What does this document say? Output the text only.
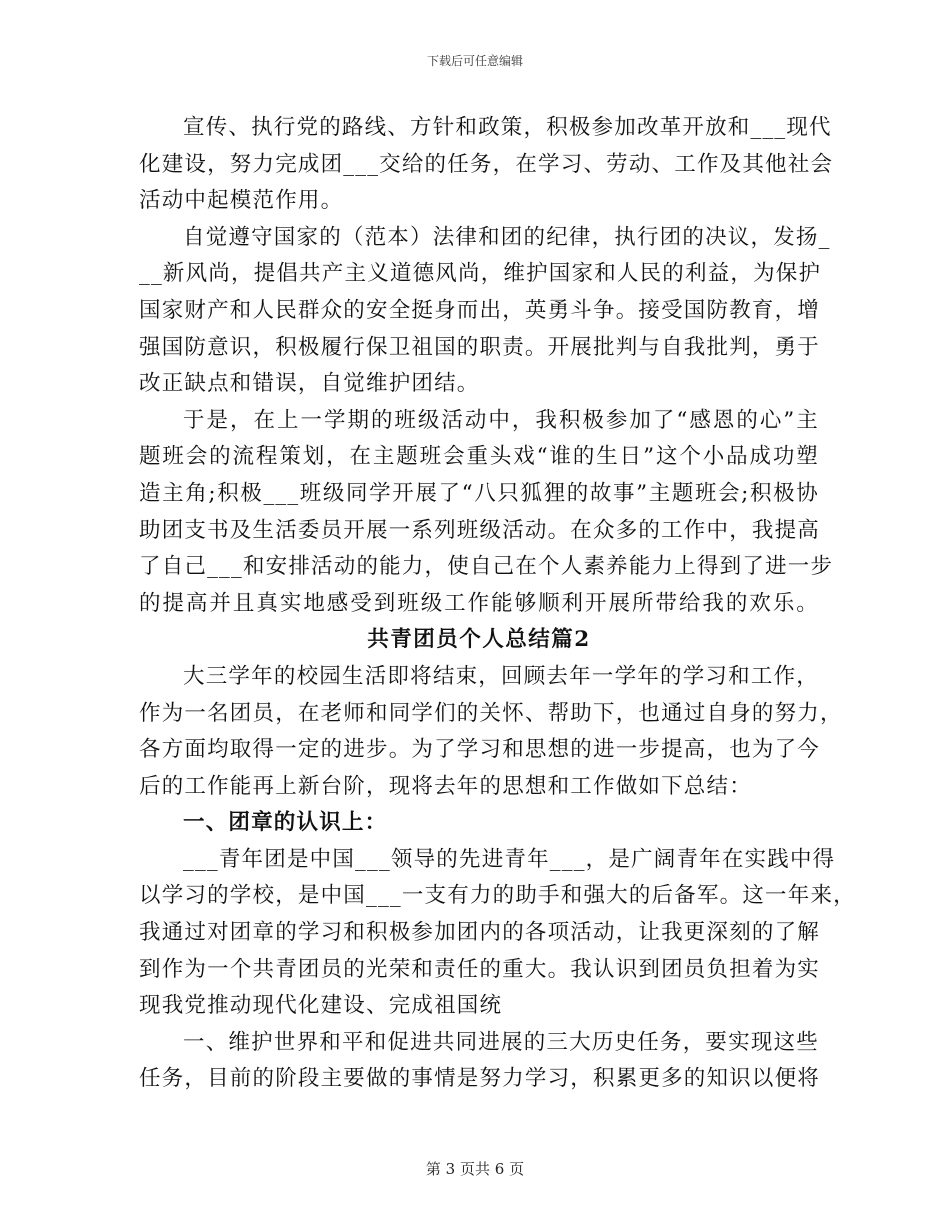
下载后可任意编辑
宣传、执行党的路线、方针和政策，积极参加改革开放和___现代
化建设，努力完成团___交给的任务，在学习、劳动、工作及其他社会
活动中起模范作用。
自觉遵守国家的（范本）法律和团的纪律，执行团的决议，发扬_
__新风尚，提倡共产主义道德风尚，维护国家和人民的利益，为保护
国家财产和人民群众的安全挺身而出，英勇斗争。接受国防教育，增
强国防意识，积极履行保卫祖国的职责。开展批判与自我批判，勇于
改正缺点和错误，自觉维护团结。
于是，在上一学期的班级活动中，我积极参加了“感恩的心”主
题班会的流程策划，在主题班会重头戏“谁的生日”这个小品成功塑
造主角;积极___班级同学开展了“八只狐狸的故事”主题班会;积极协
助团支书及生活委员开展一系列班级活动。在众多的工作中，我提高
了自己___和安排活动的能力，使自己在个人素养能力上得到了进一步
的提高并且真实地感受到班级工作能够顺利开展所带给我的欢乐。
共青团员个人总结篇2
大三学年的校园生活即将结束，回顾去年一学年的学习和工作，
作为一名团员，在老师和同学们的关怀、帮助下，也通过自身的努力，
各方面均取得一定的进步。为了学习和思想的进一步提高，也为了今
后的工作能再上新台阶，现将去年的思想和工作做如下总结：
一、团章的认识上：
___青年团是中国___领导的先进青年___，是广阔青年在实践中得
以学习的学校，是中国___一支有力的助手和强大的后备军。这一年来，
我通过对团章的学习和积极参加团内的各项活动，让我更深刻的了解
到作为一个共青团员的光荣和责任的重大。我认识到团员负担着为实
现我党推动现代化建设、完成祖国统
一、维护世界和平和促进共同进展的三大历史任务，要实现这些
任务，目前的阶段主要做的事情是努力学习，积累更多的知识以便将
第 3 页共 6 页
